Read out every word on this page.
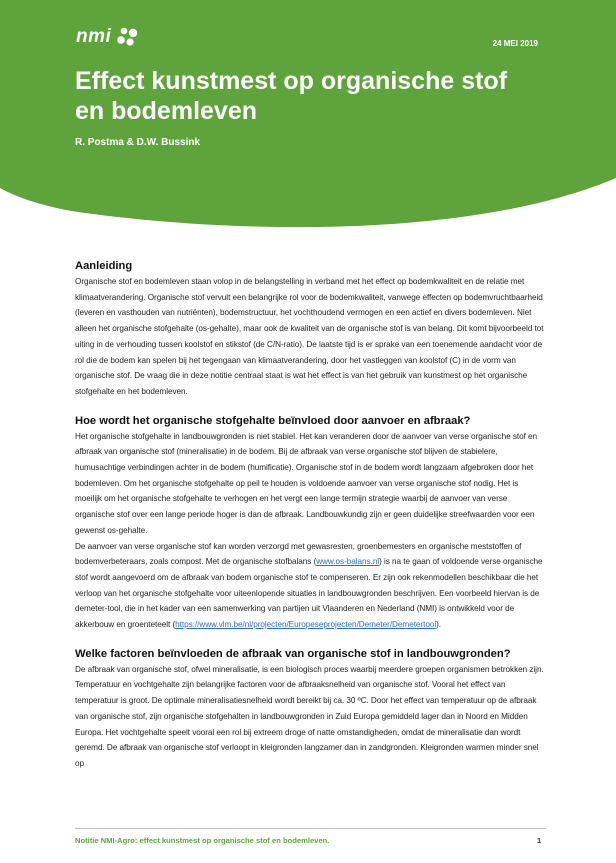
nmi	24 MEI 2019
Effect kunstmest op organische stof en bodemleven
R. Postma & D.W. Bussink
Aanleiding

Organische stof en bodemleven staan volop in de belangstelling in verband met het effect op bodemkwaliteit en de relatie met klimaatverandering. Organische stof vervult een belangrijke rol voor de bodemkwaliteit, vanwege effecten op bodemvruchtbaarheid (leveren en vasthouden van nutriënten), bodemstructuur, het vochthoudend vermogen en een actief en divers bodemleven. Niet alleen het organische stofgehalte (os-gehalte), maar ook de kwaliteit van de organische stof is van belang. Dit komt bijvoorbeeld tot uiting in de verhouding tussen koolstof en stikstof (de C/N-ratio). De laatste tijd is er sprake van een toenemende aandacht voor de rol die de bodem kan spelen bij het tegengaan van klimaatverandering, door het vastleggen van koolstof (C) in de vorm van organische stof. De vraag die in deze notitie centraal staat is wat het effect is van het gebruik van kunstmest op het organische stofgehalte en het bodemleven.

Hoe wordt het organische stofgehalte beïnvloed door aanvoer en afbraak?

Het organische stofgehalte in landbouwgronden is niet stabiel. Het kan veranderen door de aanvoer van verse organische stof en afbraak van organische stof (mineralisatie) in de bodem. Bij de afbraak van verse organische stof blijven de stabielere, humusachtige verbindingen achter in de bodem (humificatie). Organische stof in de bodem wordt langzaam afgebroken door het bodemleven. Om het organische stofgehalte op peil te houden is voldoende aanvoer van verse organische stof nodig. Het is moeilijk om het organische stofgehalte te verhogen en het vergt een lange termijn strategie waarbij de aanvoer van verse organische stof over een lange periode hoger is dan de afbraak. Landbouwkundig zijn er geen duidelijke streefwaarden voor een gewenst os-gehalte.

De aanvoer van verse organische stof kan worden verzorgd met gewasresten, groenbemesters en organische meststoffen of bodemverbeteraars, zoals compost. Met de organische stofbalans (www.os-balans.nl) is na te gaan of voldoende verse organische stof wordt aangevoerd om de afbraak van bodem organische stof te compenseren. Er zijn ook rekenmodellen beschikbaar die het verloop van het organische stofgehalte voor uiteenlopende situaties in landbouwgronden beschrijven. Een voorbeeld hiervan is de demeter-tool, die in het kader van een samenwerking van partijen uit Vlaanderen en Nederland (NMI) is ontwikkeld voor de akkerbouw en groenteteelt (https://www.vlm.be/nl/projecten/Europeseprojecten/Demeter/Demetertool).

Welke factoren beïnvloeden de afbraak van organische stof in landbouwgronden?

De afbraak van organische stof, ofwel mineralisatie, is een biologisch proces waarbij meerdere groepen organismen betrokken zijn. Temperatuur en vochtgehalte zijn belangrijke factoren voor de afbraaksnelheid van organische stof. Vooral het effect van temperatuur is groot. De optimale mineralisatiesnelheid wordt bereikt bij ca. 30 ºC. Door het effect van temperatuur op de afbraak van organische stof, zijn organische stofgehalten in landbouwgronden in Zuid Europa gemiddeld lager dan in Noord en Midden Europa. Het vochtgehalte speelt vooral een rol bij extreem droge of natte omstandigheden, omdat de mineralisatie dan wordt geremd. De afbraak van organische stof verloopt in kleigronden langzamer dan in zandgronden. Kleigronden warmen minder snel op

Notitie NMI-Agro: effect kunstmest op organische stof en bodemleven.	1
